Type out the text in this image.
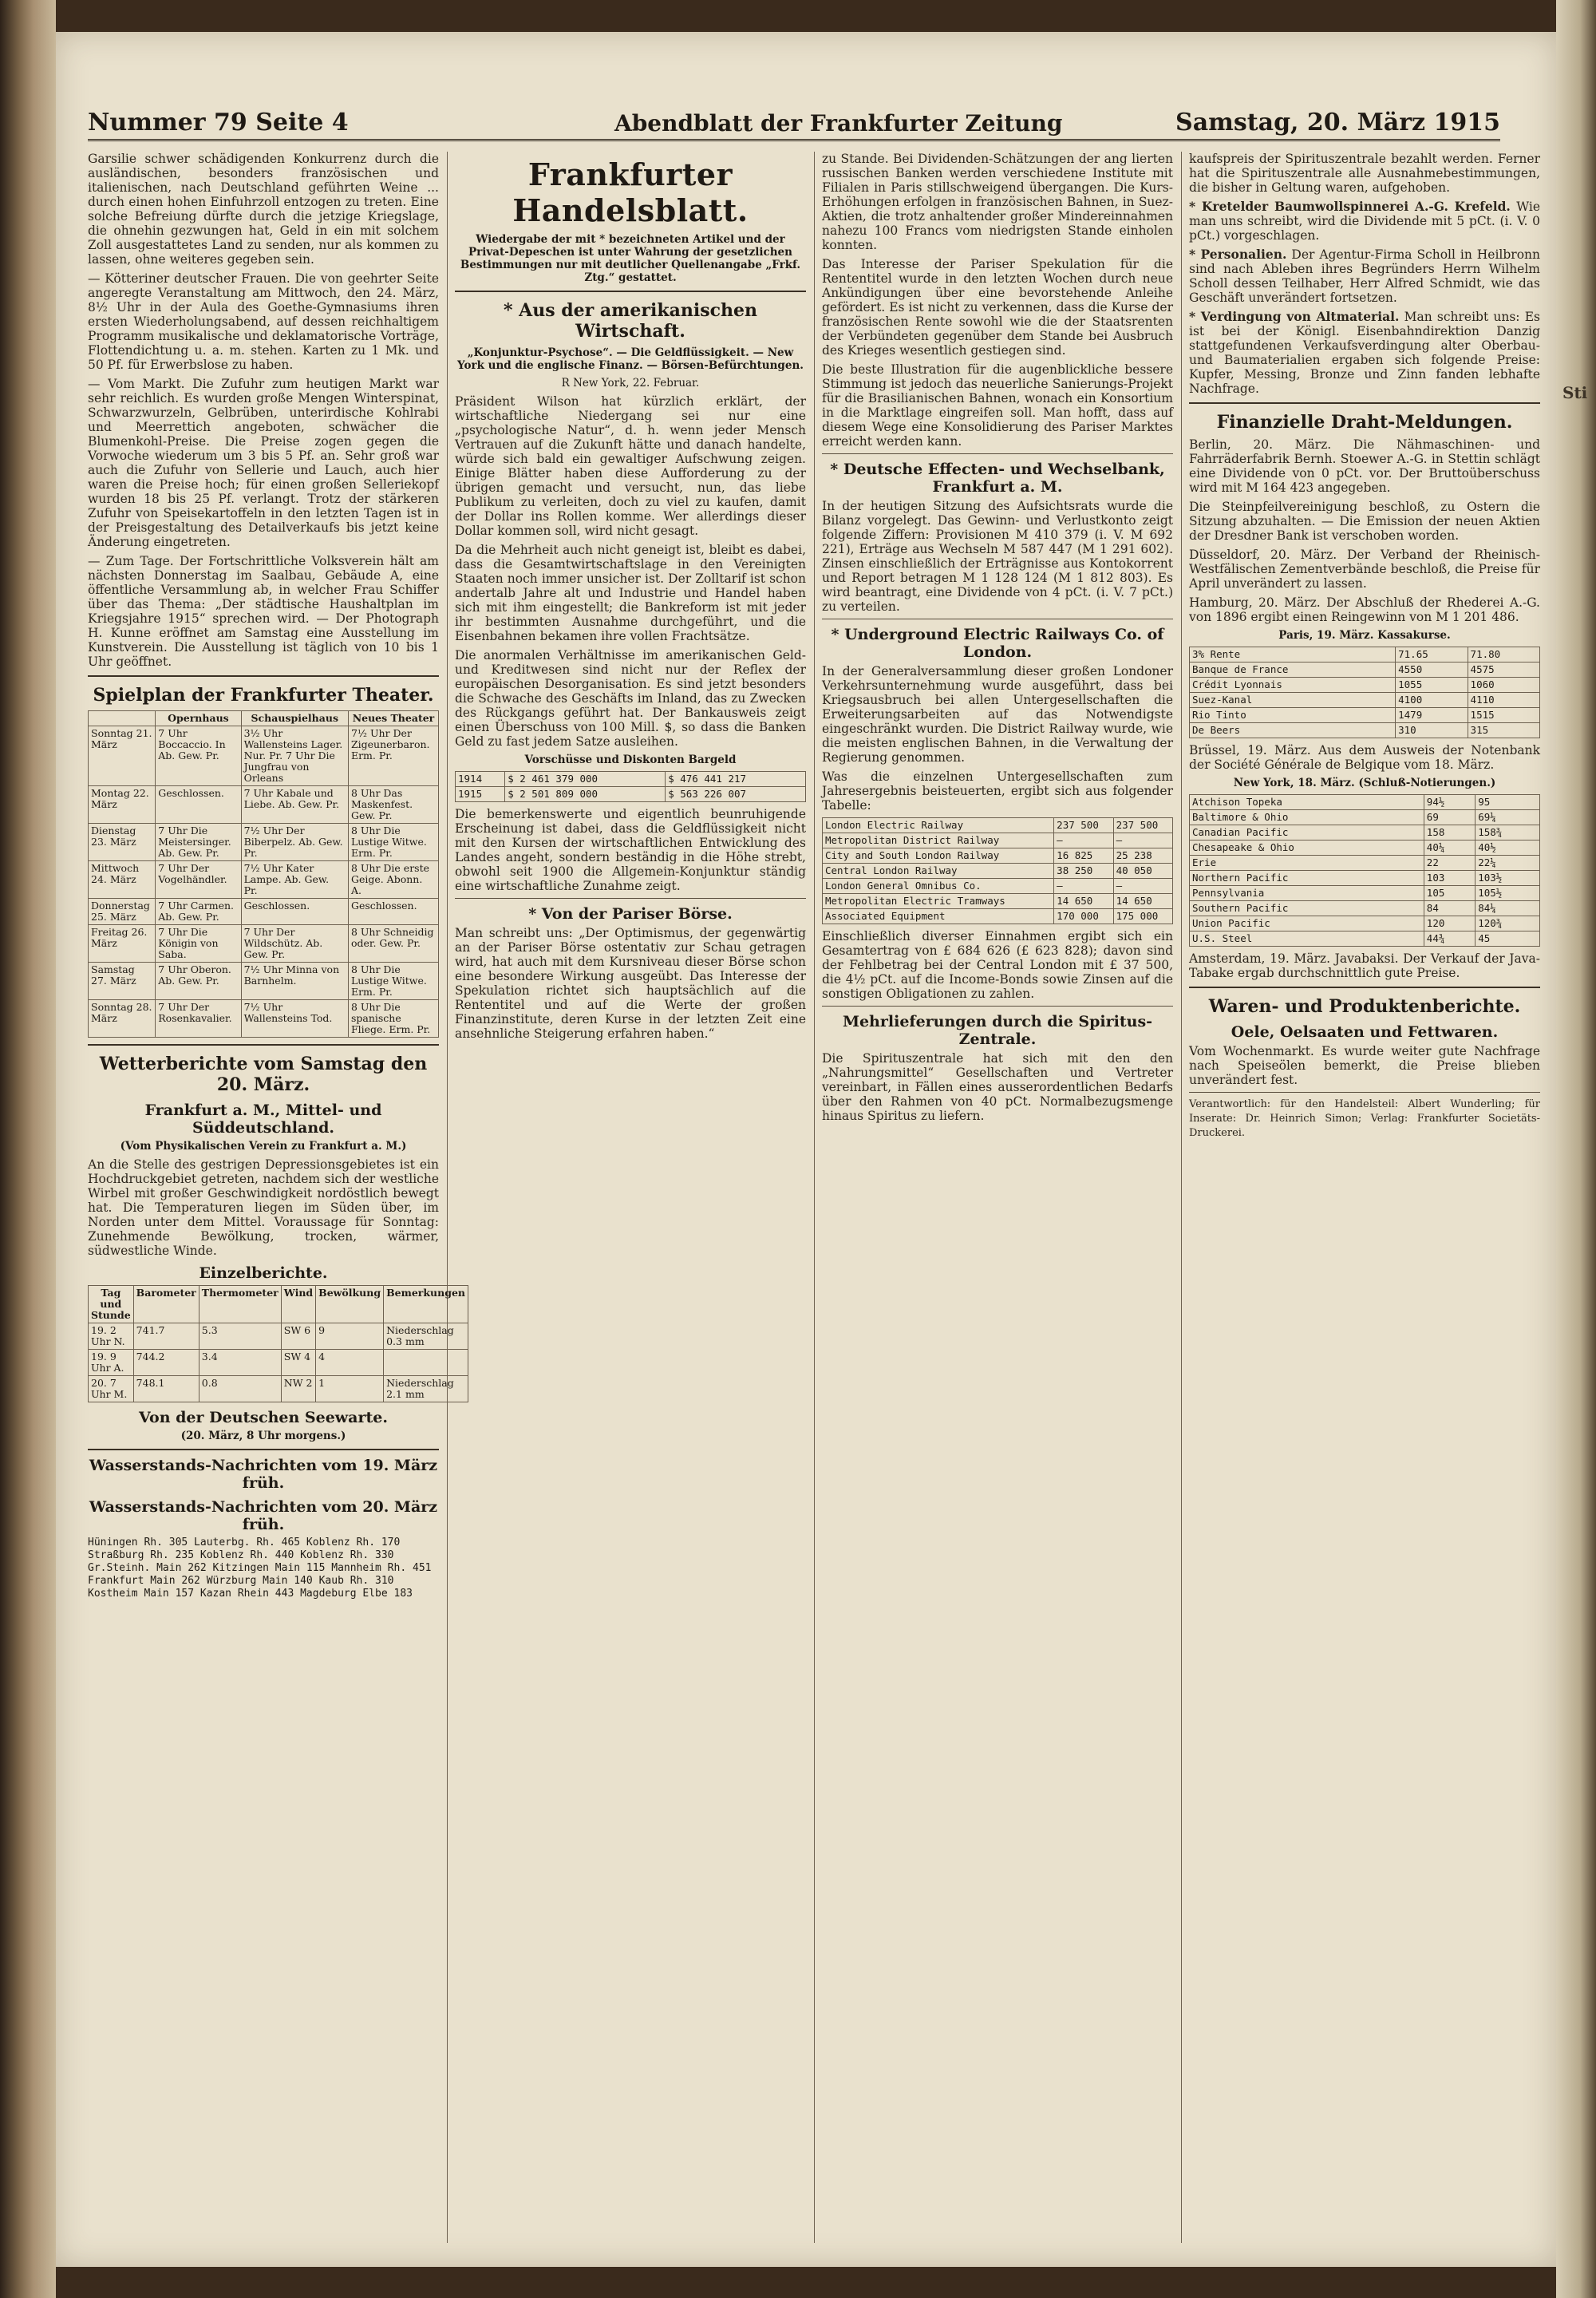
Sti
Nummer 79 Seite 4	Abendblatt der Frankfurter Zeitung	Samstag, 20. März 1915

Garsilie schwer schädigenden Konkurrenz durch die ausländischen, besonders französischen und italienischen, nach Deutschland geführten Weine ... durch einen hohen Einfuhrzoll entzogen zu treten. Eine solche Befreiung dürfte durch die jetzige Kriegslage, die ohnehin gezwungen hat, Geld in ein mit solchem Zoll ausgestattetes Land zu senden, nur als kommen zu lassen, ohne weiteres gegeben sein.

— Kötteriner deutscher Frauen. Die von geehrter Seite angeregte Veranstaltung am Mittwoch, den 24. März, 8½ Uhr in der Aula des Goethe-Gymnasiums ihren ersten Wiederholungsabend, auf dessen reichhaltigem Programm musikalische und deklamatorische Vorträge, Flottendichtung u. a. m. stehen. Karten zu 1 Mk. und 50 Pf. für Erwerbslose zu haben.

— Vom Markt. Die Zufuhr zum heutigen Markt war sehr reichlich. Es wurden große Mengen Winterspinat, Schwarzwurzeln, Gelbrüben, unterirdische Kohlrabi und Meerrettich angeboten, schwächer die Blumenkohl-Preise. Die Preise zogen gegen die Vorwoche wiederum um 3 bis 5 Pf. an. Sehr groß war auch die Zufuhr von Sellerie und Lauch, auch hier waren die Preise hoch; für einen großen Selleriekopf wurden 18 bis 25 Pf. verlangt. Trotz der stärkeren Zufuhr von Speisekartoffeln in den letzten Tagen ist in der Preisgestaltung des Detailverkaufs bis jetzt keine Änderung eingetreten.

— Zum Tage. Der Fortschrittliche Volksverein hält am nächsten Donnerstag im Saalbau, Gebäude A, eine öffentliche Versammlung ab, in welcher Frau Schiffer über das Thema: „Der städtische Haushaltplan im Kriegsjahre 1915“ sprechen wird. — Der Photograph H. Kunne eröffnet am Samstag eine Ausstellung im Kunstverein. Die Ausstellung ist täglich von 10 bis 1 Uhr geöffnet.

Spielplan der Frankfurter Theater.
	Opernhaus	Schauspielhaus	Neues Theater
Sonntag 21. März	7 Uhr Boccaccio. In Ab. Gew. Pr.	3½ Uhr Wallensteins Lager. Nur. Pr. 7 Uhr Die Jungfrau von Orleans	7½ Uhr Der Zigeunerbaron. Erm. Pr.
Montag 22. März	Geschlossen.	7 Uhr Kabale und Liebe. Ab. Gew. Pr.	8 Uhr Das Maskenfest. Gew. Pr.
Dienstag 23. März	7 Uhr Die Meistersinger. Ab. Gew. Pr.	7½ Uhr Der Biberpelz. Ab. Gew. Pr.	8 Uhr Die Lustige Witwe. Erm. Pr.
Mittwoch 24. März	7 Uhr Der Vogelhändler.	7½ Uhr Kater Lampe. Ab. Gew. Pr.	8 Uhr Die erste Geige. Abonn. A.
Donnerstag 25. März	7 Uhr Carmen. Ab. Gew. Pr.	Geschlossen.	Geschlossen.
Freitag 26. März	7 Uhr Die Königin von Saba.	7 Uhr Der Wildschütz. Ab. Gew. Pr.	8 Uhr Schneidig oder. Gew. Pr.
Samstag 27. März	7 Uhr Oberon. Ab. Gew. Pr.	7½ Uhr Minna von Barnhelm.	8 Uhr Die Lustige Witwe. Erm. Pr.
Sonntag 28. März	7 Uhr Der Rosenkavalier.	7½ Uhr Wallensteins Tod.	8 Uhr Die spanische Fliege. Erm. Pr.
Wetterberichte vom Samstag den 20. März.
Frankfurt a. M., Mittel- und Süddeutschland.
(Vom Physikalischen Verein zu Frankfurt a. M.)

An die Stelle des gestrigen Depressionsgebietes ist ein Hochdruckgebiet getreten, nachdem sich der westliche Wirbel mit großer Geschwindigkeit nordöstlich bewegt hat. Die Temperaturen liegen im Süden über, im Norden unter dem Mittel. Voraussage für Sonntag: Zunehmende Bewölkung, trocken, wärmer, südwestliche Winde.

Einzelberichte.
Tag und Stunde	Barometer	Thermometer	Wind	Bewölkung	Bemerkungen
19. 2 Uhr N.	741.7	5.3	SW 6	9	Niederschlag 0.3 mm
19. 9 Uhr A.	744.2	3.4	SW 4	4	
20. 7 Uhr M.	748.1	0.8	NW 2	1	Niederschlag 2.1 mm
Von der Deutschen Seewarte.
(20. März, 8 Uhr morgens.)
Wasserstands-Nachrichten vom 19. März früh.
Wasserstands-Nachrichten vom 20. März früh.
Hüningen Rh. 305 Lauterbg. Rh. 465 Koblenz Rh. 170
Straßburg Rh. 235 Koblenz Rh. 440 Koblenz Rh. 330
Gr.Steinh. Main 262 Kitzingen Main 115 Mannheim Rh. 451
Frankfurt Main 262 Würzburg Main 140 Kaub Rh. 310
Kostheim Main 157 Kazan Rhein 443 Magdeburg Elbe 183
Frankfurter Handelsblatt.
Wiedergabe der mit * bezeichneten Artikel und der Privat-Depeschen ist unter Wahrung der gesetzlichen Bestimmungen nur mit deutlicher Quellenangabe „Frkf. Ztg.“ gestattet.
* Aus der amerikanischen Wirtschaft.
„Konjunktur-Psychose“. — Die Geldflüssigkeit. — New York und die englische Finanz. — Börsen-Befürchtungen.
R New York, 22. Februar.

Präsident Wilson hat kürzlich erklärt, der wirtschaftliche Niedergang sei nur eine „psychologische Natur“, d. h. wenn jeder Mensch Vertrauen auf die Zukunft hätte und danach handelte, würde sich bald ein gewaltiger Aufschwung zeigen. Einige Blätter haben diese Aufforderung zu der übrigen gemacht und versucht, nun, das liebe Publikum zu verleiten, doch zu viel zu kaufen, damit der Dollar ins Rollen komme. Wer allerdings dieser Dollar kommen soll, wird nicht gesagt.

Da die Mehrheit auch nicht geneigt ist, bleibt es dabei, dass die Gesamtwirtschaftslage in den Vereinigten Staaten noch immer unsicher ist. Der Zolltarif ist schon andertalb Jahre alt und Industrie und Handel haben sich mit ihm eingestellt; die Bankreform ist mit jeder ihr bestimmten Ausnahme durchgeführt, und die Eisenbahnen bekamen ihre vollen Frachtsätze.

Die anormalen Verhältnisse im amerikanischen Geld- und Kreditwesen sind nicht nur der Reflex der europäischen Desorganisation. Es sind jetzt besonders die Schwache des Geschäfts im Inland, das zu Zwecken des Rückgangs geführt hat. Der Bankausweis zeigt einen Überschuss von 100 Mill. $, so dass die Banken Geld zu fast jedem Satze ausleihen.

Vorschüsse und Diskonten Bargeld
1914	$ 2 461 379 000	$ 476 441 217
1915	$ 2 501 809 000	$ 563 226 007

Die bemerkenswerte und eigentlich beunruhigende Erscheinung ist dabei, dass die Geldflüssigkeit nicht mit den Kursen der wirtschaftlichen Entwicklung des Landes angeht, sondern beständig in die Höhe strebt, obwohl seit 1900 die Allgemein-Konjunktur ständig eine wirtschaftliche Zunahme zeigt.

* Von der Pariser Börse.

Man schreibt uns: „Der Optimismus, der gegenwärtig an der Pariser Börse ostentativ zur Schau getragen wird, hat auch mit dem Kursniveau dieser Börse schon eine besondere Wirkung ausgeübt. Das Interesse der Spekulation richtet sich hauptsächlich auf die Rententitel und auf die Werte der großen Finanzinstitute, deren Kurse in der letzten Zeit eine ansehnliche Steigerung erfahren haben.“

zu Stande. Bei Dividenden-Schätzungen der ang lierten russischen Banken werden verschiedene Institute mit Filialen in Paris stillschweigend übergangen. Die Kurs-Erhöhungen erfolgen in französischen Bahnen, in Suez-Aktien, die trotz anhaltender großer Mindereinnahmen nahezu 100 Francs vom niedrigsten Stande einholen konnten.

Das Interesse der Pariser Spekulation für die Rententitel wurde in den letzten Wochen durch neue Ankündigungen über eine bevorstehende Anleihe gefördert. Es ist nicht zu verkennen, dass die Kurse der französischen Rente sowohl wie die der Staatsrenten der Verbündeten gegenüber dem Stande bei Ausbruch des Krieges wesentlich gestiegen sind.

Die beste Illustration für die augenblickliche bessere Stimmung ist jedoch das neuerliche Sanierungs-Projekt für die Brasilianischen Bahnen, wonach ein Konsortium in die Marktlage eingreifen soll. Man hofft, dass auf diesem Wege eine Konsolidierung des Pariser Marktes erreicht werden kann.

* Deutsche Effecten- und Wechselbank, Frankfurt a. M.

In der heutigen Sitzung des Aufsichtsrats wurde die Bilanz vorgelegt. Das Gewinn- und Verlustkonto zeigt folgende Ziffern: Provisionen M 410 379 (i. V. M 692 221), Erträge aus Wechseln M 587 447 (M 1 291 602). Zinsen einschließlich der Erträgnisse aus Kontokorrent und Report betragen M 1 128 124 (M 1 812 803). Es wird beantragt, eine Dividende von 4 pCt. (i. V. 7 pCt.) zu verteilen.

* Underground Electric Railways Co. of London.

In der Generalversammlung dieser großen Londoner Verkehrsunternehmung wurde ausgeführt, dass bei Kriegsausbruch bei allen Untergesellschaften die Erweiterungsarbeiten auf das Notwendigste eingeschränkt wurden. Die District Railway wurde, wie die meisten englischen Bahnen, in die Verwaltung der Regierung genommen.

Was die einzelnen Untergesellschaften zum Jahresergebnis beisteuerten, ergibt sich aus folgender Tabelle:

London Electric Railway	237 500	237 500
Metropolitan District Railway	—	—
City and South London Railway	16 825	25 238
Central London Railway	38 250	40 050
London General Omnibus Co.	—	—
Metropolitan Electric Tramways	14 650	14 650
Associated Equipment	170 000	175 000

Einschließlich diverser Einnahmen ergibt sich ein Gesamtertrag von £ 684 626 (£ 623 828); davon sind der Fehlbetrag bei der Central London mit £ 37 500, die 4½ pCt. auf die Income-Bonds sowie Zinsen auf die sonstigen Obligationen zu zahlen.

Mehrlieferungen durch die Spiritus-Zentrale.

Die Spirituszentrale hat sich mit den den „Nahrungsmittel“ Gesellschaften und Vertreter vereinbart, in Fällen eines ausserordentlichen Bedarfs über den Rahmen von 40 pCt. Normalbezugsmenge hinaus Spiritus zu liefern.

kaufspreis der Spirituszentrale bezahlt werden. Ferner hat die Spirituszentrale alle Ausnahmebestimmungen, die bisher in Geltung waren, aufgehoben.

* Kretelder Baumwollspinnerei A.-G. Krefeld. Wie man uns schreibt, wird die Dividende mit 5 pCt. (i. V. 0 pCt.) vorgeschlagen.

* Personalien. Der Agentur-Firma Scholl in Heilbronn sind nach Ableben ihres Begründers Herrn Wilhelm Scholl dessen Teilhaber, Herr Alfred Schmidt, wie das Geschäft unverändert fortsetzen.

* Verdingung von Altmaterial. Man schreibt uns: Es ist bei der Königl. Eisenbahndirektion Danzig stattgefundenen Verkaufsverdingung alter Oberbau- und Baumaterialien ergaben sich folgende Preise: Kupfer, Messing, Bronze und Zinn fanden lebhafte Nachfrage.

Finanzielle Draht-Meldungen.

Berlin, 20. März. Die Nähmaschinen- und Fahrräderfabrik Bernh. Stoewer A.-G. in Stettin schlägt eine Dividende von 0 pCt. vor. Der Bruttoüberschuss wird mit M 164 423 angegeben.

Die Steinpfeilvereinigung beschloß, zu Ostern die Sitzung abzuhalten. — Die Emission der neuen Aktien der Dresdner Bank ist verschoben worden.

Düsseldorf, 20. März. Der Verband der Rheinisch-Westfälischen Zementverbände beschloß, die Preise für April unverändert zu lassen.

Hamburg, 20. März. Der Abschluß der Rhederei A.-G. von 1896 ergibt einen Reingewinn von M 1 201 486.

Paris, 19. März. Kassakurse.
3% Rente	71.65	71.80
Banque de France	4550	4575
Crédit Lyonnais	1055	1060
Suez-Kanal	4100	4110
Rio Tinto	1479	1515
De Beers	310	315

Brüssel, 19. März. Aus dem Ausweis der Notenbank der Société Générale de Belgique vom 18. März.

New York, 18. März. (Schluß-Notierungen.)
Atchison Topeka	94½	95
Baltimore & Ohio	69	69¼
Canadian Pacific	158	158¾
Chesapeake & Ohio	40¼	40½
Erie	22	22¼
Northern Pacific	103	103½
Pennsylvania	105	105½
Southern Pacific	84	84¼
Union Pacific	120	120¾
U.S. Steel	44¾	45

Amsterdam, 19. März. Javabaksi. Der Verkauf der Java-Tabake ergab durchschnittlich gute Preise.

Waren- und Produktenberichte.
Oele, Oelsaaten und Fettwaren.

Vom Wochenmarkt. Es wurde weiter gute Nachfrage nach Speiseölen bemerkt, die Preise blieben unverändert fest.

Verantwortlich: für den Handelsteil: Albert Wunderling; für Inserate: Dr. Heinrich Simon; Verlag: Frankfurter Societäts-Druckerei.
